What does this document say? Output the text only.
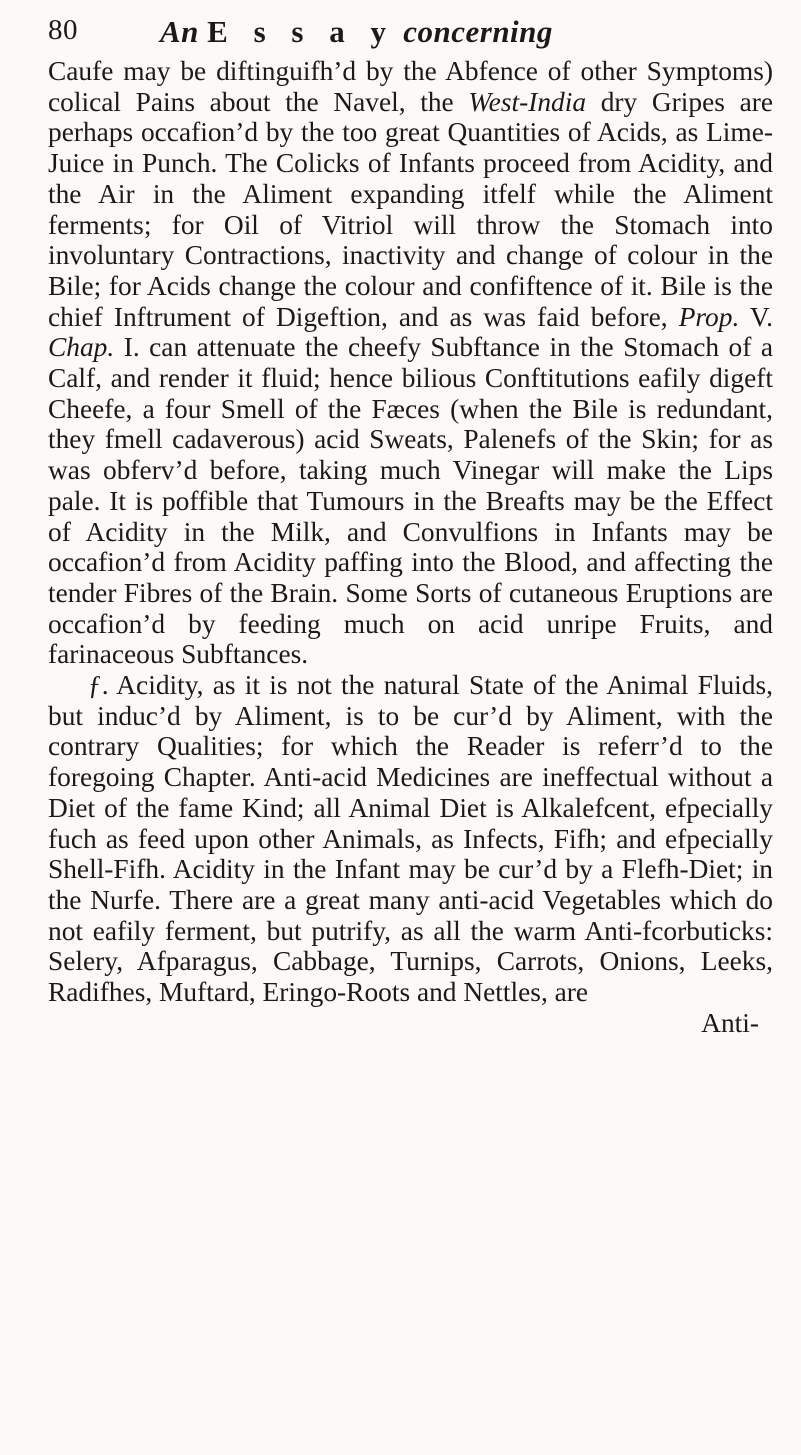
80	An E s s a y concerning

Caufe may be diftinguifh’d by the Abfence of other Symptoms) colical Pains about the Navel, the West-India dry Gripes are perhaps occafion’d by the too great Quantities of Acids, as Lime-Juice in Punch. The Colicks of Infants proceed from Acidity, and the Air in the Aliment expanding itfelf while the Aliment ferments; for Oil of Vitriol will throw the Stomach into involuntary Contractions, inactivity and change of colour in the Bile; for Acids change the colour and confiftence of it. Bile is the chief Inftrument of Digeftion, and as was faid before, Prop. V. Chap. I. can attenuate the cheefy Subftance in the Stomach of a Calf, and render it fluid; hence bilious Conftitutions eafily digeft Cheefe, a four Smell of the Fæces (when the Bile is redundant, they fmell cadaverous) acid Sweats, Palenefs of the Skin; for as was obferv’d before, taking much Vinegar will make the Lips pale. It is poffible that Tumours in the Breafts may be the Effect of Acidity in the Milk, and Convulfions in Infants may be occafion’d from Acidity paffing into the Blood, and affecting the tender Fibres of the Brain. Some Sorts of cutaneous Eruptions are occafion’d by feeding much on acid unripe Fruits, and farinaceous Subftances.

ƒ. Acidity, as it is not the natural State of the Animal Fluids, but induc’d by Aliment, is to be cur’d by Aliment, with the contrary Qualities; for which the Reader is referr’d to the foregoing Chapter. Anti-acid Medicines are ineffectual without a Diet of the fame Kind; all Animal Diet is Alkalefcent, efpecially fuch as feed upon other Animals, as Infects, Fifh; and efpecially Shell-Fifh. Acidity in the Infant may be cur’d by a Flefh-Diet; in the Nurfe. There are a great many anti-acid Vegetables which do not eafily ferment, but putrify, as all the warm Anti-fcorbuticks: Selery, Afparagus, Cabbage, Turnips, Carrots, Onions, Leeks, Radifhes, Muftard, Eringo-Roots and Nettles, are

Anti-
